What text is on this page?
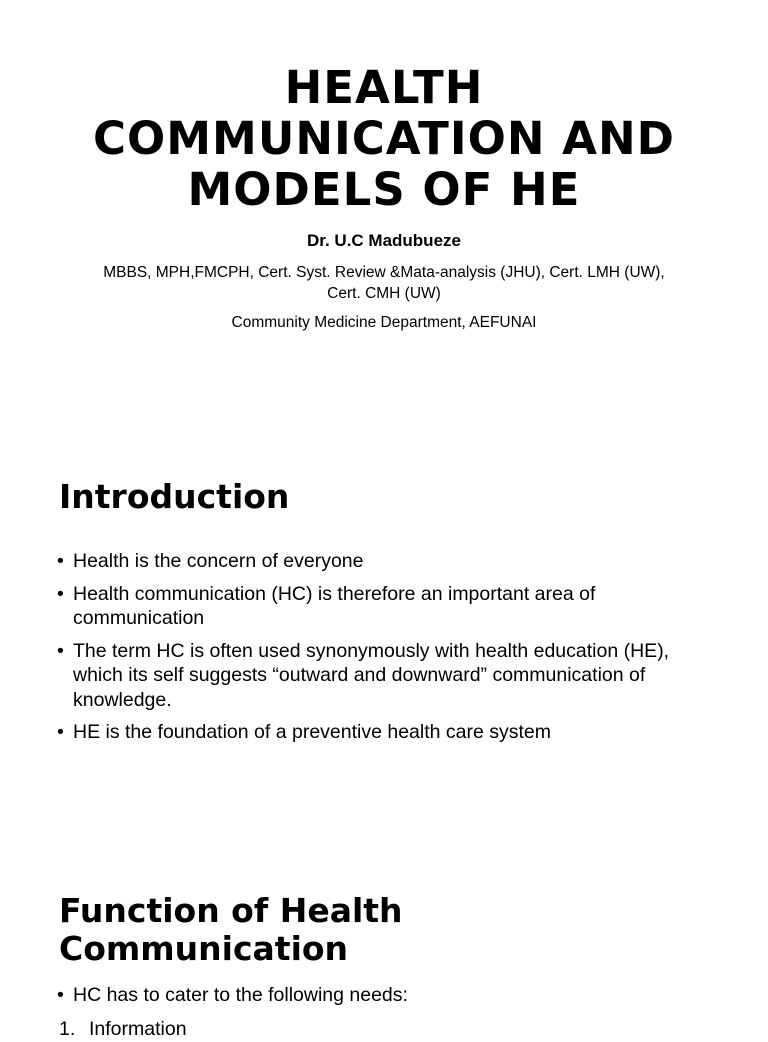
HEALTH COMMUNICATION AND MODELS OF HE
Dr. U.C Madubueze
MBBS, MPH,FMCPH, Cert. Syst. Review &Mata-analysis (JHU), Cert. LMH (UW), Cert. CMH (UW)
Community Medicine Department, AEFUNAI
Introduction
• Health is the concern of everyone
• Health communication (HC) is therefore an important area of communication
• The term HC is often used synonymously with health education (HE), which its self suggests “outward and downward” communication of knowledge.
• HE is the foundation of a preventive health care system
Function of Health Communication
• HC has to cater to the following needs:
1. Information
